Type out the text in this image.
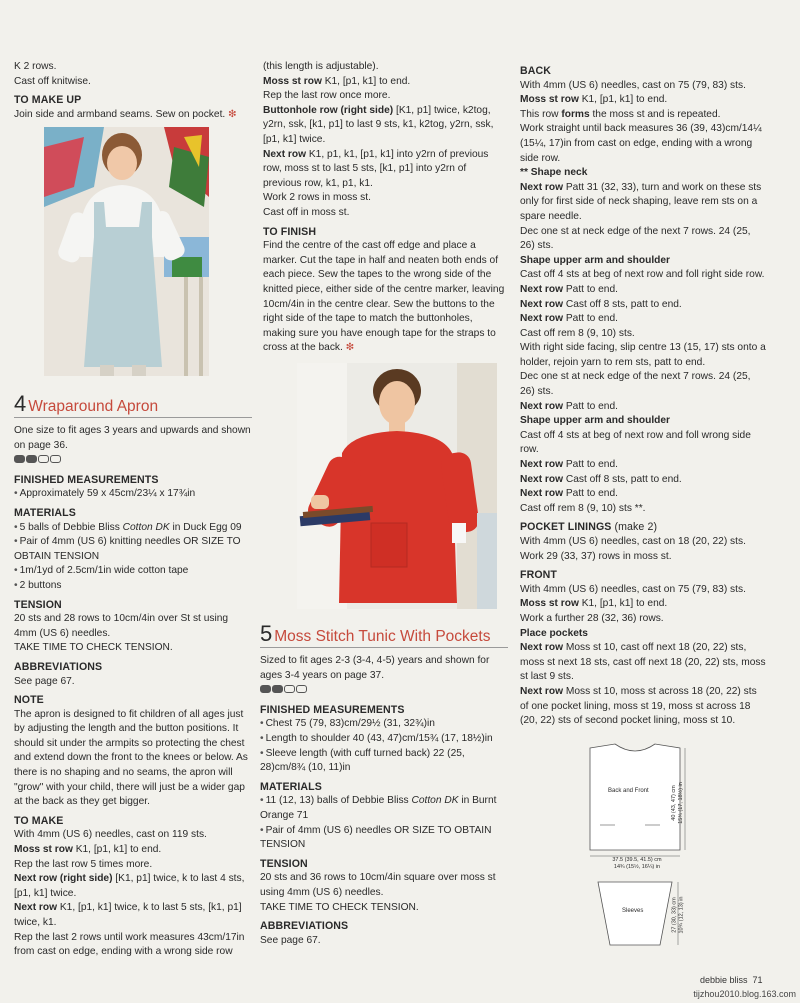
K 2 rows.

Cast off knitwise.

TO MAKE UP

Join side and armband seams. Sew on pocket. ❇

4 Wraparound Apron

One size to fit ages 3 years and upwards and shown on page 36.

FINISHED MEASUREMENTS

• Approximately 59 x 45cm/23¼ x 17¾in

MATERIALS

• 5 balls of Debbie Bliss Cotton DK in Duck Egg 09

• Pair of 4mm (US 6) knitting needles OR SIZE TO OBTAIN TENSION

• 1m/1yd of 2.5cm/1in wide cotton tape

• 2 buttons

TENSION

20 sts and 28 rows to 10cm/4in over St st using 4mm (US 6) needles.

TAKE TIME TO CHECK TENSION.

ABBREVIATIONS

See page 67.

NOTE

The apron is designed to fit children of all ages just by adjusting the length and the button positions. It should sit under the armpits so protecting the chest and extend down the front to the knees or below. As there is no shaping and no seams, the apron will "grow" with your child, there will just be a wider gap at the back as they get bigger.

TO MAKE

With 4mm (US 6) needles, cast on 119 sts.

Moss st row K1, [p1, k1] to end.

Rep the last row 5 times more.

Next row (right side) [K1, p1] twice, k to last 4 sts, [p1, k1] twice.

Next row K1, [p1, k1] twice, k to last 5 sts, [k1, p1] twice, k1.

Rep the last 2 rows until work measures 43cm/17in from cast on edge, ending with a wrong side row

(this length is adjustable).

Moss st row K1, [p1, k1] to end.

Rep the last row once more.

Buttonhole row (right side) [K1, p1] twice, k2tog, y2rn, ssk, [k1, p1] to last 9 sts, k1, k2tog, y2rn, ssk, [p1, k1] twice.

Next row K1, p1, k1, [p1, k1] into y2rn of previous row, moss st to last 5 sts, [k1, p1] into y2rn of previous row, k1, p1, k1.

Work 2 rows in moss st.

Cast off in moss st.

TO FINISH

Find the centre of the cast off edge and place a marker. Cut the tape in half and neaten both ends of each piece. Sew the tapes to the wrong side of the knitted piece, either side of the centre marker, leaving 10cm/4in in the centre clear. Sew the buttons to the right side of the tape to match the buttonholes, making sure you have enough tape for the straps to cross at the back. ❇

5 Moss Stitch Tunic With Pockets

Sized to fit ages 2-3 (3-4, 4-5) years and shown for ages 3-4 years on page 37.

FINISHED MEASUREMENTS

• Chest 75 (79, 83)cm/29½ (31, 32¾)in

• Length to shoulder 40 (43, 47)cm/15¾ (17, 18½)in

• Sleeve length (with cuff turned back) 22 (25, 28)cm/8¾ (10, 11)in

MATERIALS

• 11 (12, 13) balls of Debbie Bliss Cotton DK in Burnt Orange 71

• Pair of 4mm (US 6) needles OR SIZE TO OBTAIN TENSION

TENSION

20 sts and 36 rows to 10cm/4in square over moss st using 4mm (US 6) needles.

TAKE TIME TO CHECK TENSION.

ABBREVIATIONS

See page 67.

BACK

With 4mm (US 6) needles, cast on 75 (79, 83) sts.

Moss st row K1, [p1, k1] to end.

This row forms the moss st and is repeated.

Work straight until back measures 36 (39, 43)cm/14¼ (15¼, 17)in from cast on edge, ending with a wrong side row.

** Shape neck

Next row Patt 31 (32, 33), turn and work on these sts only for first side of neck shaping, leave rem sts on a spare needle.

Dec one st at neck edge of the next 7 rows. 24 (25, 26) sts.

Shape upper arm and shoulder

Cast off 4 sts at beg of next row and foll right side row.

Next row Patt to end.

Next row Cast off 8 sts, patt to end.

Next row Patt to end.

Cast off rem 8 (9, 10) sts.

With right side facing, slip centre 13 (15, 17) sts onto a holder, rejoin yarn to rem sts, patt to end.

Dec one st at neck edge of the next 7 rows. 24 (25, 26) sts.

Next row Patt to end.

Shape upper arm and shoulder

Cast off 4 sts at beg of next row and foll wrong side row.

Next row Patt to end.

Next row Cast off 8 sts, patt to end.

Next row Patt to end.

Cast off rem 8 (9, 10) sts **.

POCKET LININGS (make 2)

With 4mm (US 6) needles, cast on 18 (20, 22) sts.

Work 29 (33, 37) rows in moss st.

FRONT

With 4mm (US 6) needles, cast on 75 (79, 83) sts.

Moss st row K1, [p1, k1] to end.

Work a further 28 (32, 36) rows.

Place pockets

Next row Moss st 10, cast off next 18 (20, 22) sts, moss st next 18 sts, cast off next 18 (20, 22) sts, moss st last 9 sts.

Next row Moss st 10, moss st across 18 (20, 22) sts of one pocket lining, moss st 19, moss st across 18 (20, 22) sts of second pocket lining, moss st 10.

Back and Front	40 (43, 47) cm 15¾ (17, 18½) in
37.5 (39.5, 41.5) cm
14¾ (15½, 16¼) in
Sleeves	27 (30, 33) cm 10¾ (12, 13) in
debbie bliss 71
tijzhou2010.blog.163.com
